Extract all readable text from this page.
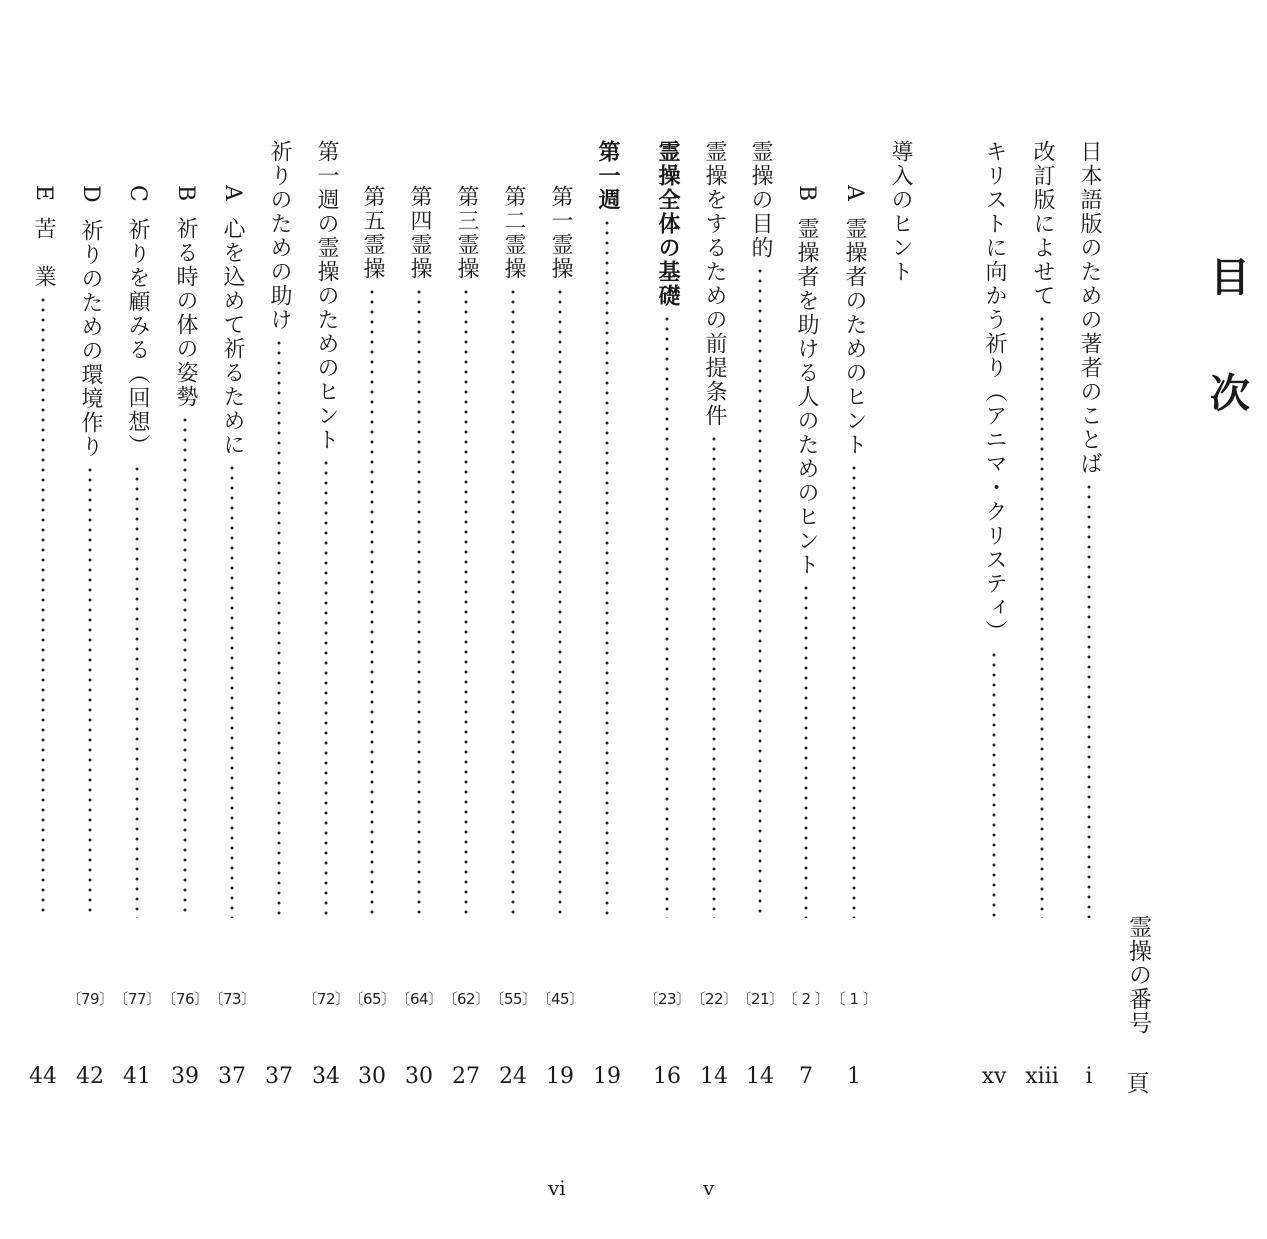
目
次
霊操の番号
頁
日本語版のための著者のことば
i
改訂版によせて
xiii
キリストに向かう祈り（アニマ・クリスティ）
xv
導入のヒント
A
霊操者のためのヒント
〔 1 〕
1
B
霊操者を助ける人のためのヒント
〔 2 〕
7
霊操の目的
〔21〕
14
霊操をするための前提条件
〔22〕
14
霊操全体の基礎
〔23〕
16
第一週
19
第一霊操
〔45〕
19
第二霊操
〔55〕
24
第三霊操
〔62〕
27
第四霊操
〔64〕
30
第五霊操
〔65〕
30
第一週の霊操のためのヒント
〔72〕
34
祈りのための助け
37
A
心を込めて祈るために
〔73〕
37
B
祈る時の体の姿勢
〔76〕
39
C
祈りを顧みる（回想）
〔77〕
41
D
祈りのための環境作り
〔79〕
42
E
苦　業
44
vi	v
